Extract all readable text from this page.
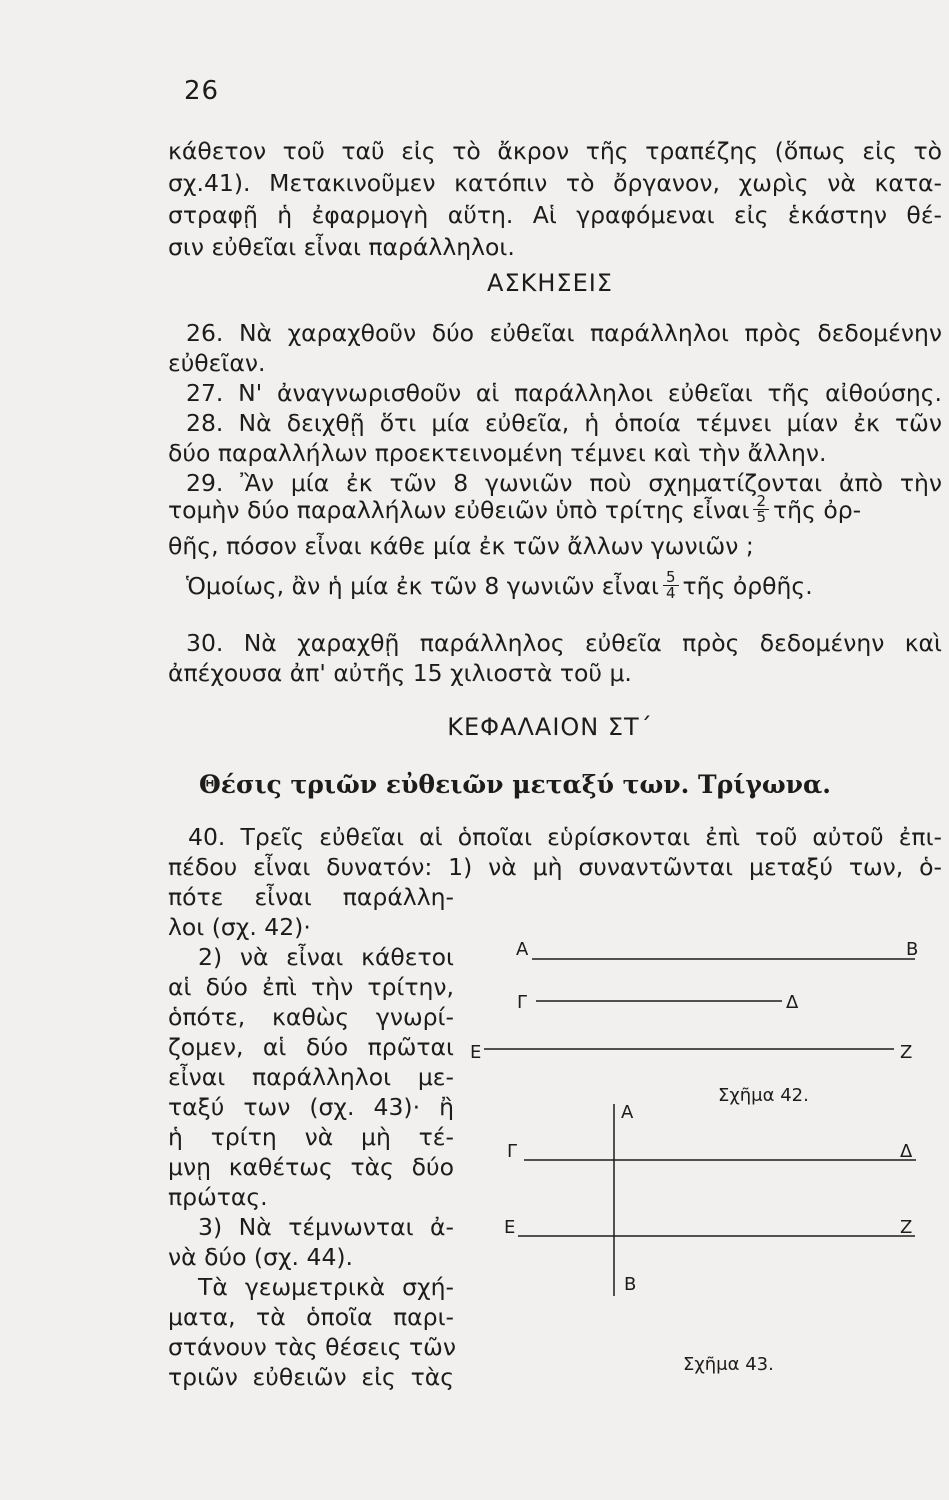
26
κάθετον τοῦ ταῦ εἰς τὸ ἄκρον τῆς τραπέζης (ὅπως εἰς τὸ
σχ.41). Μετακινοῦμεν κατόπιν τὸ ὄργανον, χωρὶς νὰ κατα-
στραφῇ ἡ ἐφαρμογὴ αὕτη. Αἱ γραφόμεναι εἰς ἑκάστην θέ-
σιν εὐθεῖαι εἶναι παράλληλοι.
ΑΣΚΗΣΕΙΣ
26. Νὰ χαραχθοῦν δύο εὐθεῖαι παράλληλοι πρὸς δεδομένην
εὐθεῖαν.
27. Ν' ἀναγνωρισθοῦν αἱ παράλληλοι εὐθεῖαι τῆς αἰθούσης.
28. Νὰ δειχθῇ ὅτι μία εὐθεῖα, ἡ ὁποία τέμνει μίαν ἐκ τῶν
δύο παραλλήλων προεκτεινομένη τέμνει καὶ τὴν ἄλλην.
29. Ἂν μία ἐκ τῶν 8 γωνιῶν ποὺ σχηματίζονται ἀπὸ τὴν
τομὴν δύο παραλλήλων εὐθειῶν ὑπὸ τρίτης εἶναι $\frac{2}{5}$ τῆς ὀρ-
θῆς, πόσον εἶναι κάθε μία ἐκ τῶν ἄλλων γωνιῶν ;
Ὁμοίως, ἂν ἡ μία ἐκ τῶν 8 γωνιῶν εἶναι $\frac{5}{4}$ τῆς ὀρθῆς.
30. Νὰ χαραχθῇ παράλληλος εὐθεῖα πρὸς δεδομένην καὶ
ἀπέχουσα ἀπ' αὐτῆς 15 χιλιοστὰ τοῦ μ.
ΚΕΦΑΛΑΙΟΝ ΣΤ΄
Θέσις τριῶν εὐθειῶν μεταξύ των. Τρίγωνα.
40. Τρεῖς εὐθεῖαι αἱ ὁποῖαι εὑρίσκονται ἐπὶ τοῦ αὐτοῦ ἐπι-
πέδου εἶναι δυνατόν: 1) νὰ μὴ συναντῶνται μεταξύ των, ὁ-
πότε εἶναι παράλλη-
λοι (σχ. 42)·
2) νὰ εἶναι κάθετοι
αἱ δύο ἐπὶ τὴν τρίτην,
ὁπότε, καθὼς γνωρί-
ζομεν, αἱ δύο πρῶται
εἶναι παράλληλοι με-
ταξύ των (σχ. 43)· ἢ
ἡ τρίτη νὰ μὴ τέ-
μνῃ καθέτως τὰς δύο
πρώτας.
3) Νὰ τέμνωνται ἀ-
νὰ δύο (σχ. 44).
Τὰ γεωμετρικὰ σχή-
ματα, τὰ ὁποῖα παρι-
στάνουν τὰς θέσεις τῶν
τριῶν εὐθειῶν εἰς τὰς
A	B
Γ	Δ
E	Z
Σχῆμα 42.
A
B
Γ	Δ
E	Z
Σχῆμα 43.
